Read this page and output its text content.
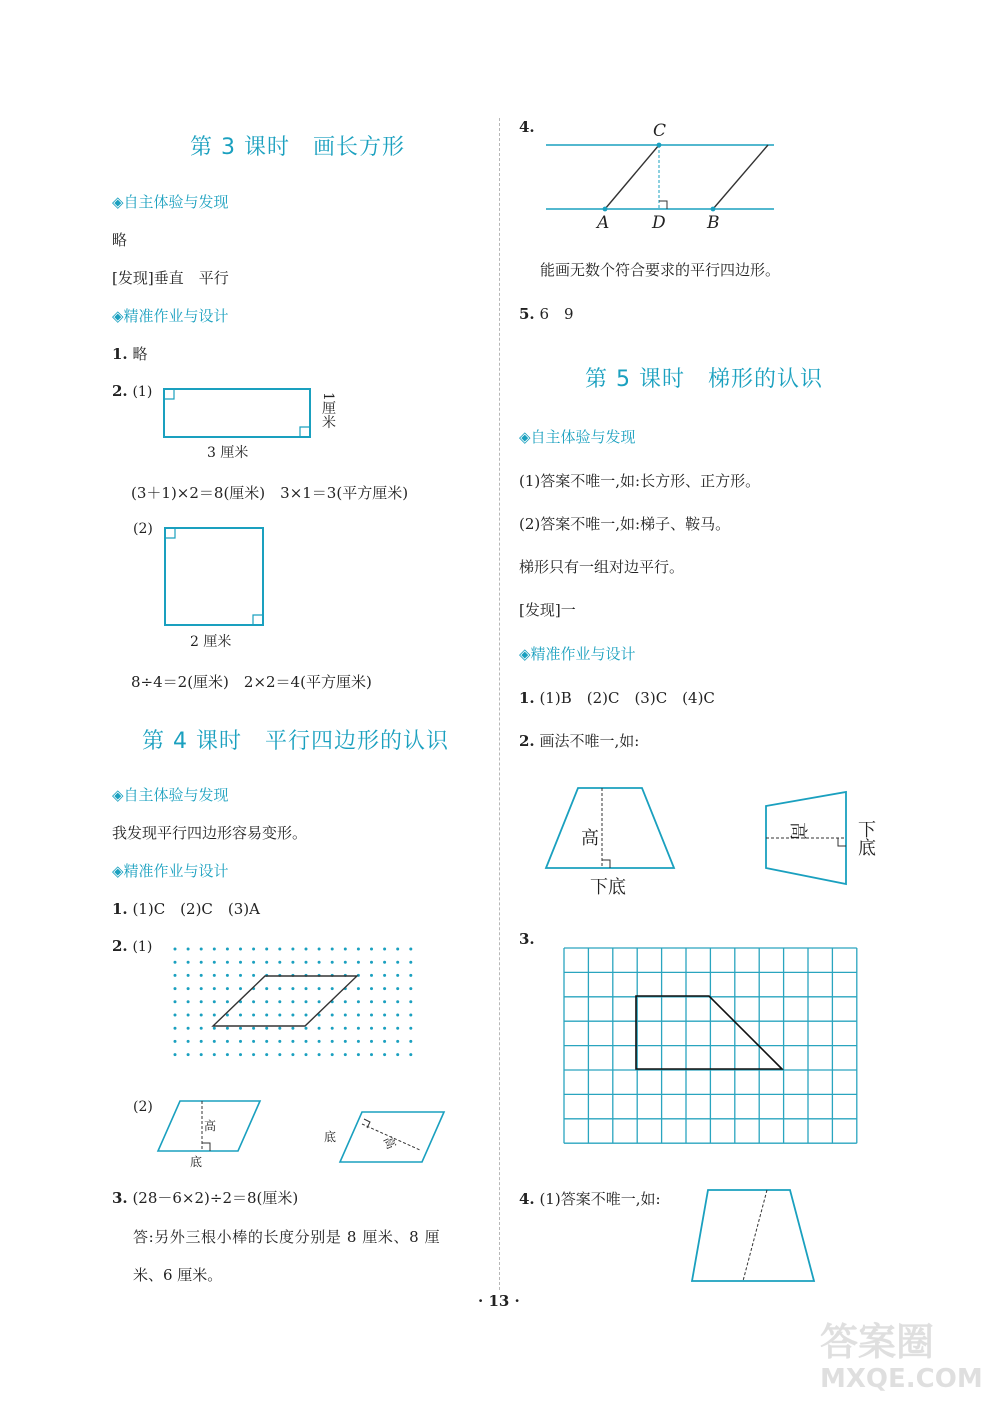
第 3 课时　画长方形
◈自主体验与发现
略
[发现]垂直　平行
◈精准作业与设计
1. 略
2. (1)
3 厘米
1厘米
(3＋1)×2＝8(厘米)　3×1＝3(平方厘米)
(2)
2 厘米
8÷4＝2(厘米)　2×2＝4(平方厘米)
第 4 课时　平行四边形的认识
◈自主体验与发现
我发现平行四边形容易变形。
◈精准作业与设计
1. (1)C　(2)C　(3)A
2. (1)
(2)
高
底
底	高
3. (28－6×2)÷2＝8(厘米)
答:另外三根小棒的长度分别是 8 厘米、8 厘
米、6 厘米。
4.	C
A	D B
能画无数个符合要求的平行四边形。
5. 6　9
第 5 课时　梯形的认识
◈自主体验与发现
(1)答案不唯一,如:长方形、正方形。
(2)答案不唯一,如:梯子、鞍马。
梯形只有一组对边平行。
[发现]一
◈精准作业与设计
1. (1)B　(2)C　(3)C　(4)C
2. 画法不唯一,如:
高
下底
高	下底
3.
4. (1)答案不唯一,如:
· 13 ·
答案圈
MXQE.COM
